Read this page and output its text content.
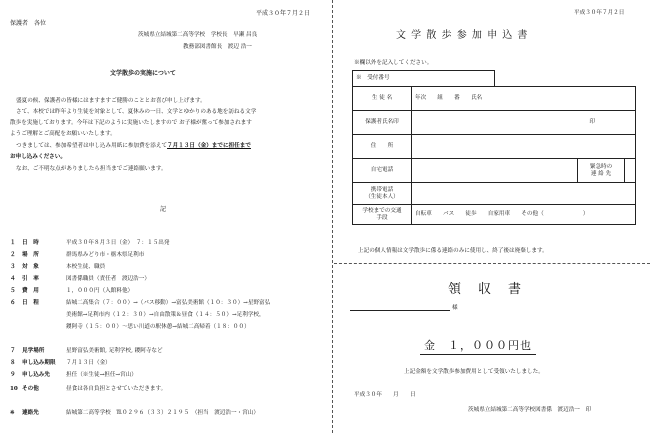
平成３０年７月２日
保護者　各位
茨城県立結城第二高等学校　学校長　早瀬 昌良
教務部図書館長　渡辺 浩一
文学散歩の実施について
盛夏の候、保護者の皆様にはますますご健勝のこととお喜び申し上げます。
さて、本校では昨年より生徒を対象として、夏休みの一日、文学とゆかりのある地を訪ねる文学
散歩を実施しております。今年は下記のように実施いたしますので お子様が奮って参加されます
ようご理解とご高配をお願いいたします。
つきましては、参加希望者は申し込み用紙に参加費を添えて７月１３日（金）までに担任まで
お申し込みください。
なお、ご不明な点がありましたら担当までご連絡願います。
記
１ 日　時	平成３０年８月３日（金）　７：１５出発
２ 場　所	群馬県みどり市・栃木県足利市
３ 対　象	本校生徒、職員
４ 引　率	図書係職員（責任者　渡辺浩一）
５ 費　用	１，０００円（入館料他）
６ 日　程	結城二高集合（７：００）→（バス移動）→富弘美術館（１０：３０）→星野富弘
美術館→足利市内（１２：３０）→自由散策＆昼食（１４：５０）→足利学校，
鑁阿寺（１５：００）～思い川道の駅休憩→結城二高帰着（１８：００）
７ 見学場所	星野富弘美術館, 足利学校, 鑁阿寺など
８ 申し込み期限 ７月１３日（金）
９ 申し込み先	担任（※生徒→担任→宮山）
10 その他	昼食は各自負担とさせていただきます。
※ 連絡先	結城第二高等学校　℡０２９６（３３）２１９５　（担当　渡辺浩一・宮山）
平成３０年７月２日
文 学 散 歩 参 加 申 込 書
※欄以外を記入してください。
※　受付番号				
生 徒 名	年次　　組　　番　　氏名			
保護者氏名印	印			
住　　所				
自宅電話			緊急時の
連 絡 先	
携帯電話
（生徒本人）				
学校までの交通
手段	自転車　　バス　　徒歩　　自家用車　　その他（　　　　　　　）			
上記の個人情報は文学散歩に係る連絡のみに使用し、終了後は廃棄します。
領　収　書
様
金　１，０００円也
上記金額を文学散歩参加費用として受領いたしました。
平成３０年　　月　　日
茨城県立結城第二高等学校図書係　渡辺浩一　印
